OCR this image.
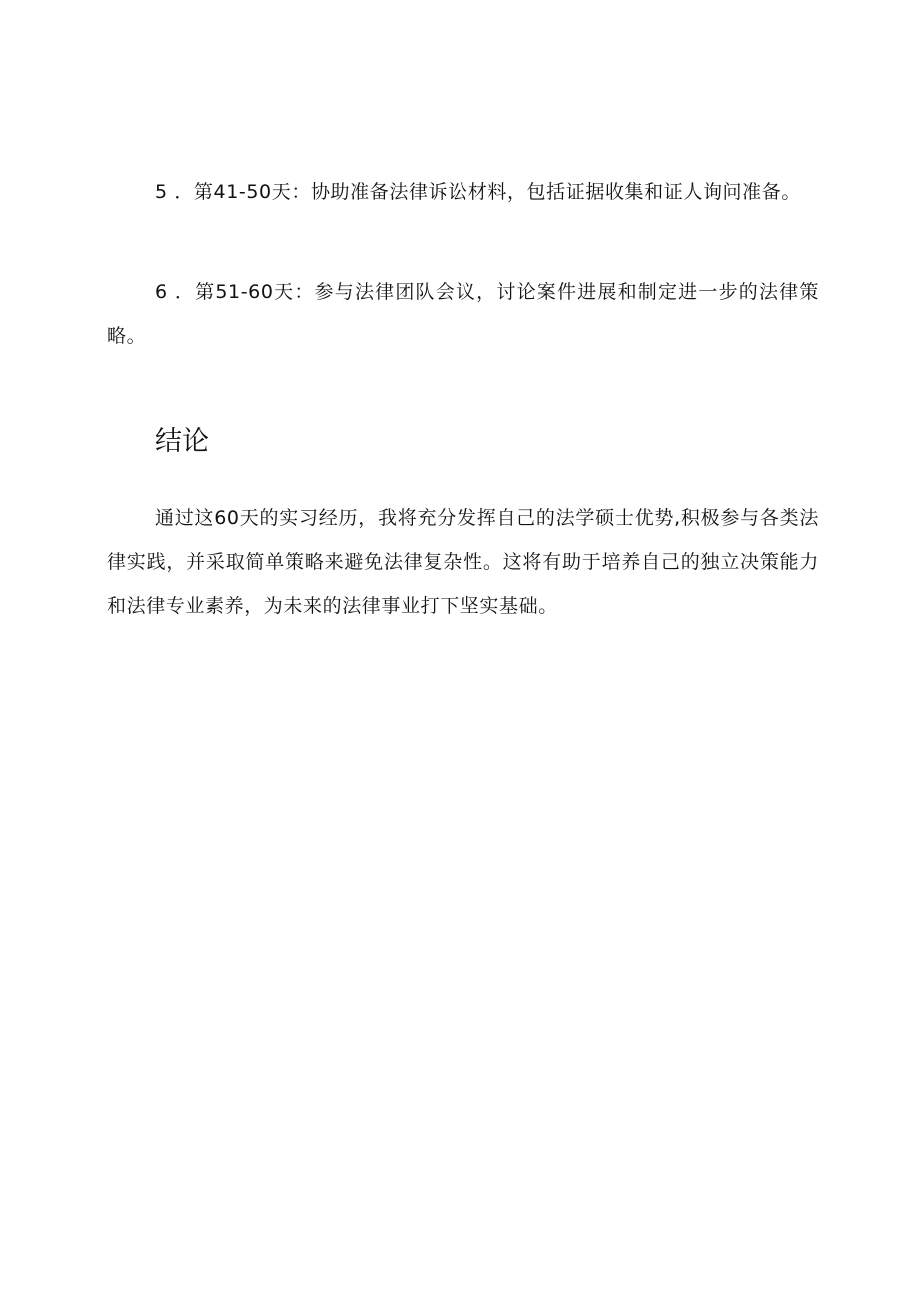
5 ．第41-50天：协助准备法律诉讼材料，包括证据收集和证人询问准备。

6 ．第51-60天：参与法律团队会议，讨论案件进展和制定进一步的法律策略。

结论

通过这60天的实习经历，我将充分发挥自己的法学硕士优势,积极参与各类法律实践，并采取简单策略来避免法律复杂性。这将有助于培养自己的独立决策能力和法律专业素养，为未来的法律事业打下坚实基础。
